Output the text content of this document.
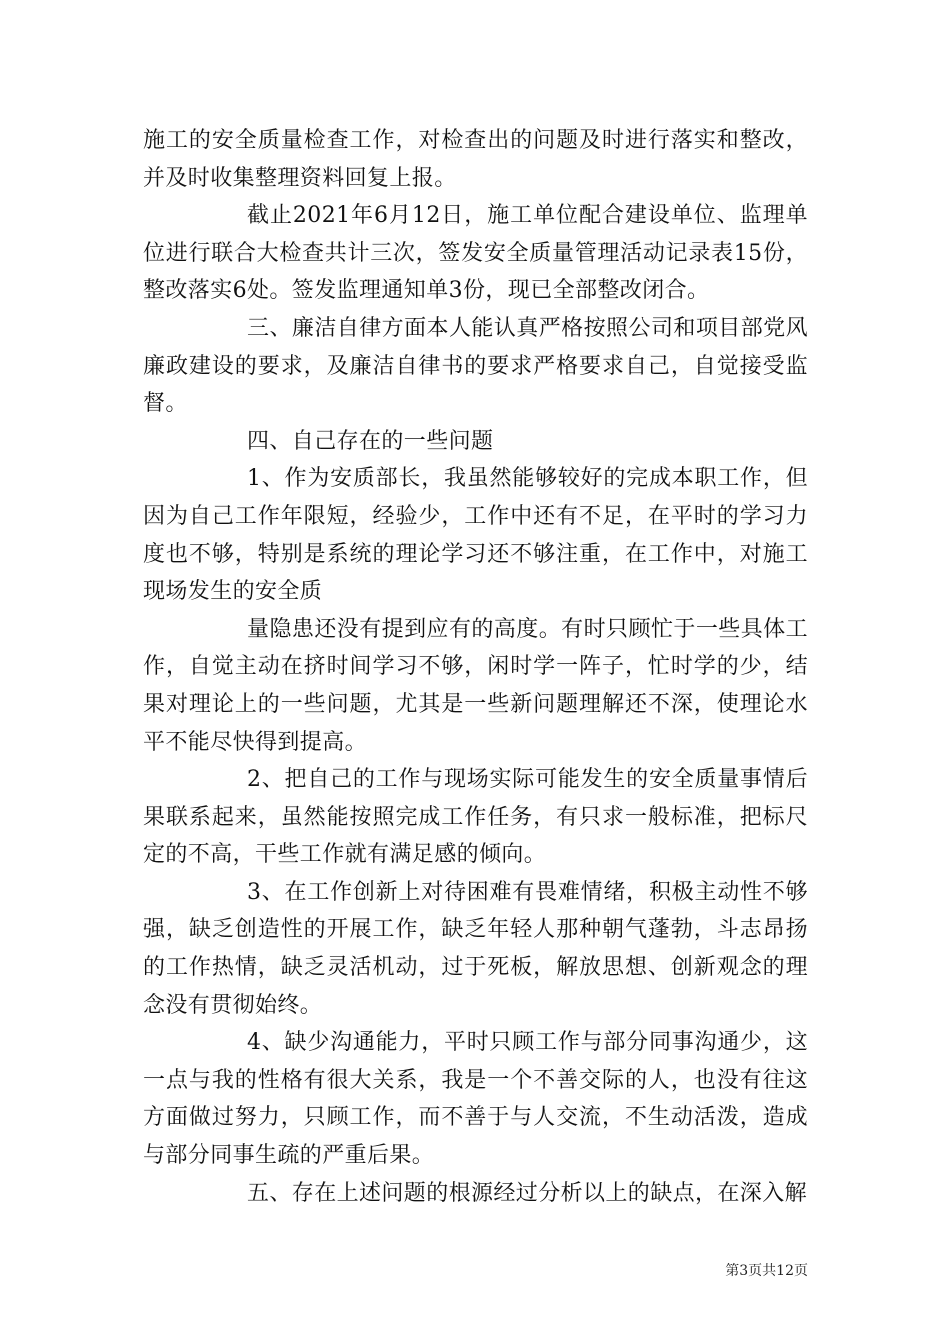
施工的安全质量检查工作，对检查出的问题及时进行落实和整改，并及时收集整理资料回复上报。

截止2021年6月12日，施工单位配合建设单位、监理单位进行联合大检查共计三次，签发安全质量管理活动记录表15份，整改落实6处。签发监理通知单3份，现已全部整改闭合。

三、廉洁自律方面本人能认真严格按照公司和项目部党风廉政建设的要求，及廉洁自律书的要求严格要求自己，自觉接受监督。

四、自己存在的一些问题

1、作为安质部长，我虽然能够较好的完成本职工作，但因为自己工作年限短，经验少，工作中还有不足，在平时的学习力度也不够，特别是系统的理论学习还不够注重，在工作中，对施工现场发生的安全质

量隐患还没有提到应有的高度。有时只顾忙于一些具体工作，自觉主动在挤时间学习不够，闲时学一阵子，忙时学的少，结果对理论上的一些问题，尤其是一些新问题理解还不深，使理论水平不能尽快得到提高。

2、把自己的工作与现场实际可能发生的安全质量事情后果联系起来，虽然能按照完成工作任务，有只求一般标准，把标尺定的不高，干些工作就有满足感的倾向。

3、在工作创新上对待困难有畏难情绪，积极主动性不够强，缺乏创造性的开展工作，缺乏年轻人那种朝气蓬勃，斗志昂扬的工作热情，缺乏灵活机动，过于死板，解放思想、创新观念的理念没有贯彻始终。

4、缺少沟通能力，平时只顾工作与部分同事沟通少，这一点与我的性格有很大关系，我是一个不善交际的人，也没有往这方面做过努力，只顾工作，而不善于与人交流，不生动活泼，造成与部分同事生疏的严重后果。

五、存在上述问题的根源经过分析以上的缺点，在深入解

第3页共12页
